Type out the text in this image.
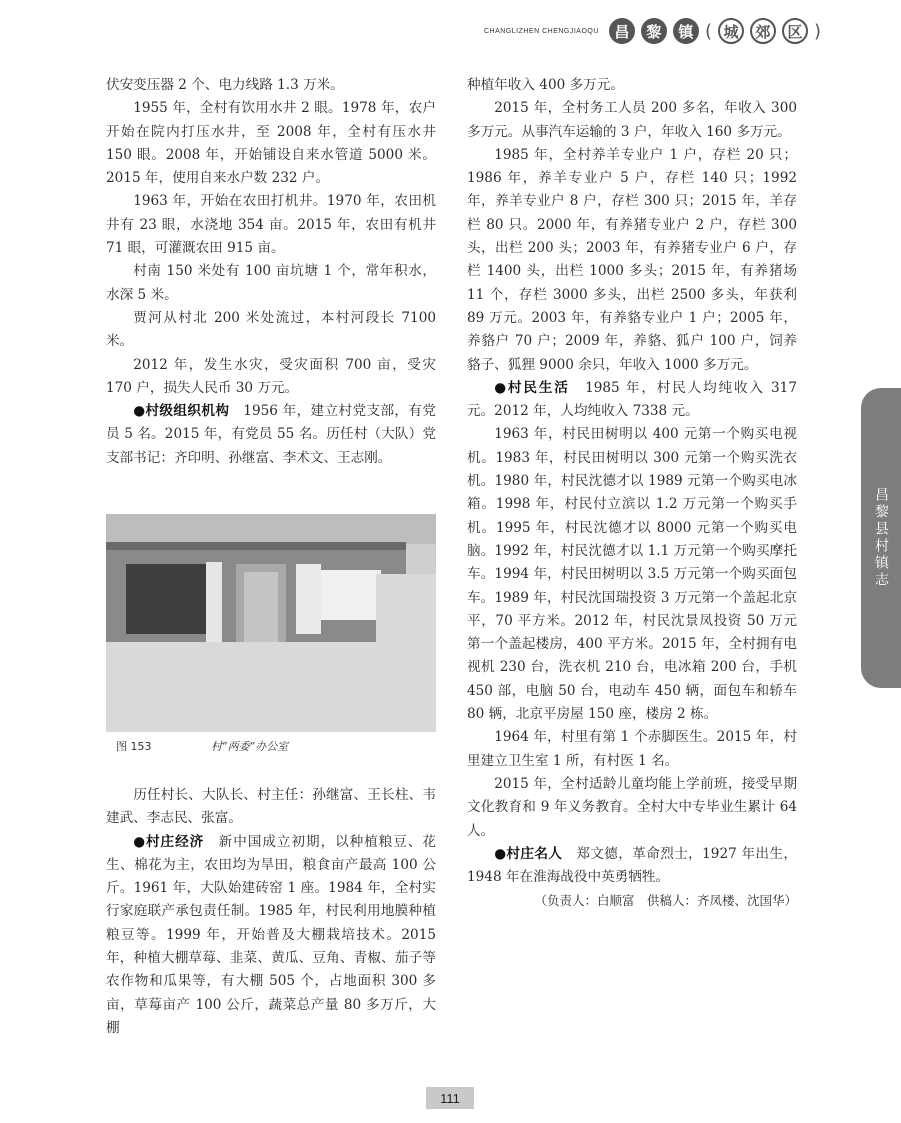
CHANGLIZHEN CHENGJIAOQU	昌	黎	镇 ( 城	郊	区 )

伏安变压器 2 个、电力线路 1.3 万米。

1955 年，全村有饮用水井 2 眼。1978 年，农户开始在院内打压水井，至 2008 年，全村有压水井 150 眼。2008 年，开始铺设自来水管道 5000 米。2015 年，使用自来水户数 232 户。

1963 年，开始在农田打机井。1970 年，农田机井有 23 眼，水浇地 354 亩。2015 年，农田有机井 71 眼，可灌溉农田 915 亩。

村南 150 米处有 100 亩坑塘 1 个，常年积水，水深 5 米。

贾河从村北 200 米处流过，本村河段长 7100 米。

2012 年，发生水灾，受灾面积 700 亩，受灾 170 户，损失人民币 30 万元。

●村级组织机构　1956 年，建立村党支部，有党员 5 名。2015 年，有党员 55 名。历任村（大队）党支部书记：齐印明、孙继富、李术文、王志刚。

图 153	村“两委”办公室

历任村长、大队长、村主任：孙继富、王长柱、韦建武、李志民、张富。

●村庄经济　新中国成立初期，以种植粮豆、花生、棉花为主，农田均为旱田，粮食亩产最高 100 公斤。1961 年，大队始建砖窑 1 座。1984 年，全村实行家庭联产承包责任制。1985 年，村民利用地膜种植粮豆等。1999 年，开始普及大棚栽培技术。2015 年，种植大棚草莓、韭菜、黄瓜、豆角、青椒、茄子等农作物和瓜果等，有大棚 505 个，占地面积 300 多亩，草莓亩产 100 公斤，蔬菜总产量 80 多万斤，大棚

种植年收入 400 多万元。

2015 年，全村务工人员 200 多名，年收入 300 多万元。从事汽车运输的 3 户，年收入 160 多万元。

1985 年，全村养羊专业户 1 户，存栏 20 只；1986 年，养羊专业户 5 户，存栏 140 只；1992 年，养羊专业户 8 户，存栏 300 只；2015 年，羊存栏 80 只。2000 年，有养猪专业户 2 户，存栏 300 头，出栏 200 头；2003 年，有养猪专业户 6 户，存栏 1400 头，出栏 1000 多头；2015 年，有养猪场 11 个，存栏 3000 多头，出栏 2500 多头，年获利 89 万元。2003 年，有养貉专业户 1 户；2005 年，养貉户 70 户；2009 年，养貉、狐户 100 户，饲养貉子、狐狸 9000 余只，年收入 1000 多万元。

●村民生活　1985 年，村民人均纯收入 317 元。2012 年，人均纯收入 7338 元。

1963 年，村民田树明以 400 元第一个购买电视机。1983 年，村民田树明以 300 元第一个购买洗衣机。1980 年，村民沈德才以 1989 元第一个购买电冰箱。1998 年，村民付立滨以 1.2 万元第一个购买手机。1995 年，村民沈德才以 8000 元第一个购买电脑。1992 年，村民沈德才以 1.1 万元第一个购买摩托车。1994 年，村民田树明以 3.5 万元第一个购买面包车。1989 年，村民沈国瑞投资 3 万元第一个盖起北京平，70 平方米。2012 年，村民沈景凤投资 50 万元第一个盖起楼房，400 平方米。2015 年，全村拥有电视机 230 台，洗衣机 210 台，电冰箱 200 台，手机 450 部，电脑 50 台，电动车 450 辆，面包车和轿车 80 辆，北京平房屋 150 座，楼房 2 栋。

1964 年，村里有第 1 个赤脚医生。2015 年，村里建立卫生室 1 所，有村医 1 名。

2015 年，全村适龄儿童均能上学前班，接受早期文化教育和 9 年义务教育。全村大中专毕业生累计 64 人。

●村庄名人　郑文德，革命烈士，1927 年出生，1948 年在淮海战役中英勇牺牲。

（负责人：白顺富　供稿人：齐凤楼、沈国华）

昌黎县村镇志
111
